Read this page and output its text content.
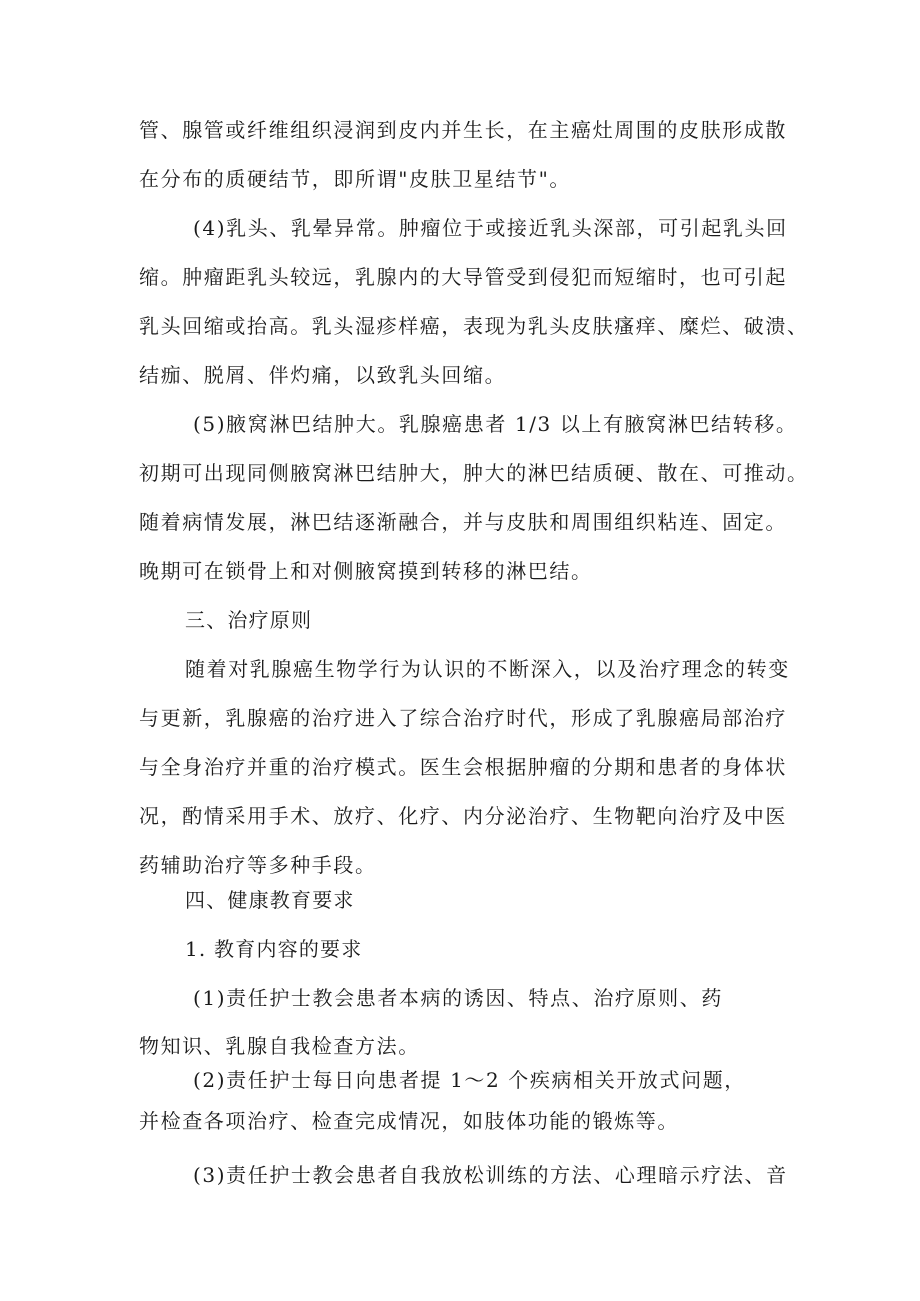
管、腺管或纤维组织浸润到皮内并生长，在主癌灶周围的皮肤形成散
在分布的质硬结节，即所谓"皮肤卫星结节"。
(4)乳头、乳晕异常。肿瘤位于或接近乳头深部，可引起乳头回
缩。肿瘤距乳头较远，乳腺内的大导管受到侵犯而短缩时，也可引起
乳头回缩或抬高。乳头湿疹样癌，表现为乳头皮肤瘙痒、糜烂、破溃、
结痂、脱屑、伴灼痛，以致乳头回缩。
(5)腋窝淋巴结肿大。乳腺癌患者 1/3 以上有腋窝淋巴结转移。
初期可出现同侧腋窝淋巴结肿大，肿大的淋巴结质硬、散在、可推动。
随着病情发展，淋巴结逐渐融合，并与皮肤和周围组织粘连、固定。
晚期可在锁骨上和对侧腋窝摸到转移的淋巴结。
三、治疗原则
随着对乳腺癌生物学行为认识的不断深入，以及治疗理念的转变
与更新，乳腺癌的治疗进入了综合治疗时代，形成了乳腺癌局部治疗
与全身治疗并重的治疗模式。医生会根据肿瘤的分期和患者的身体状
况，酌情采用手术、放疗、化疗、内分泌治疗、生物靶向治疗及中医
药辅助治疗等多种手段。
四、健康教育要求
1. 教育内容的要求
(1)责任护士教会患者本病的诱因、特点、治疗原则、药
物知识、乳腺自我检查方法。
(2)责任护士每日向患者提 1～2 个疾病相关开放式问题，
并检查各项治疗、检查完成情况，如肢体功能的锻炼等。
(3)责任护士教会患者自我放松训练的方法、心理暗示疗法、音
